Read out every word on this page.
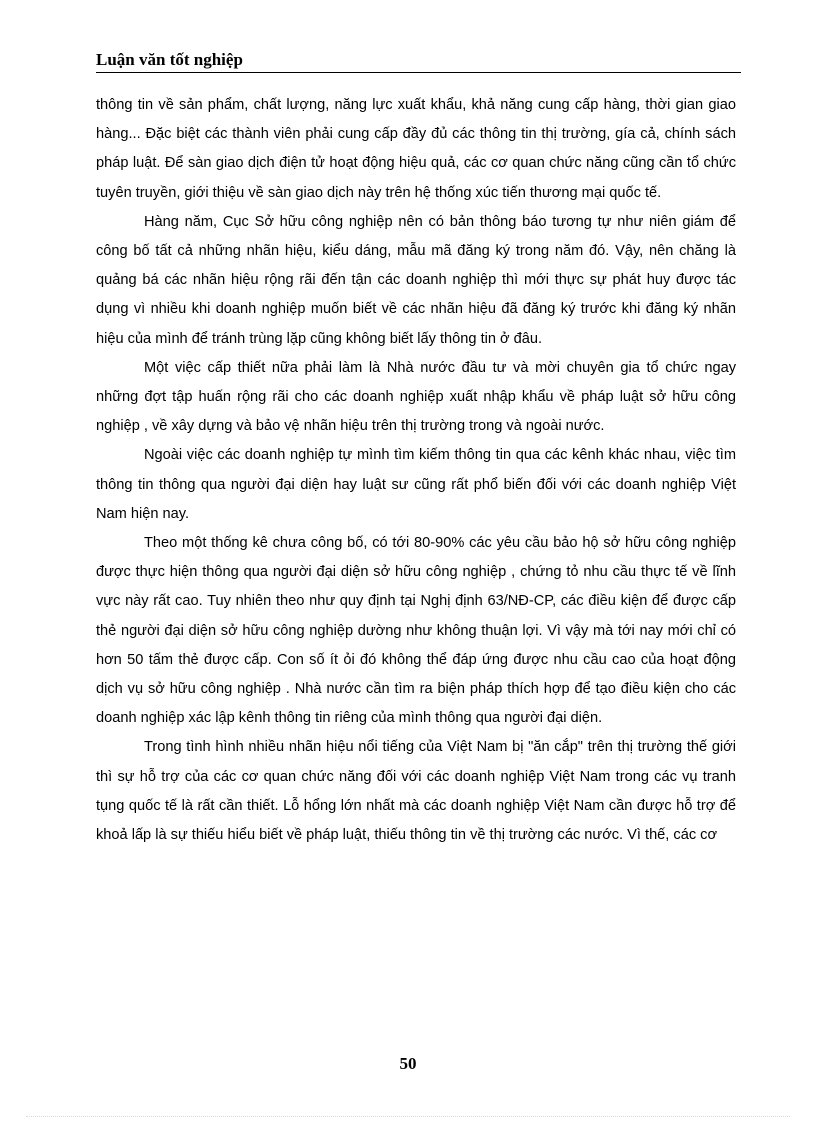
Luận văn tốt nghiệp

thông tin về sản phẩm, chất lượng, năng lực xuất khẩu, khả năng cung cấp hàng, thời gian giao hàng... Đặc biệt các thành viên phải cung cấp đầy đủ các thông tin thị trường, gía cả, chính sách pháp luật. Để sàn giao dịch điện tử hoạt động hiệu quả, các cơ quan chức năng cũng cần tổ chức tuyên truyền, giới thiệu về sàn giao dịch này trên hệ thống xúc tiến thương mại quốc tế.

Hàng năm, Cục Sở hữu công nghiệp nên có bản thông báo tương tự như niên giám để công bố tất cả những nhãn hiệu, kiểu dáng, mẫu mã đăng ký trong năm đó. Vậy, nên chăng là quảng bá các nhãn hiệu rộng rãi đến tận các doanh nghiệp thì mới thực sự phát huy được tác dụng vì nhiều khi doanh nghiệp muốn biết về các nhãn hiệu đã đăng ký trước khi đăng ký nhãn hiệu của mình để tránh trùng lặp cũng không biết lấy thông tin ở đâu.

Một việc cấp thiết nữa phải làm là Nhà nước đầu tư và mời chuyên gia tổ chức ngay những đợt tập huấn rộng rãi cho các doanh nghiệp xuất nhập khẩu về pháp luật sở hữu công nghiệp , về xây dựng và bảo vệ nhãn hiệu trên thị trường trong và ngoài nước.

Ngoài việc các doanh nghiệp tự mình tìm kiếm thông tin qua các kênh khác nhau, việc tìm thông tin thông qua người đại diện hay luật sư cũng rất phổ biến đối với các doanh nghiệp Việt Nam hiện nay.

Theo một thống kê chưa công bố, có tới 80-90% các yêu cầu bảo hộ sở hữu công nghiệp được thực hiện thông qua người đại diện sở hữu công nghiệp , chứng tỏ nhu cầu thực tế về lĩnh vực này rất cao. Tuy nhiên theo như quy định tại Nghị định 63/NĐ-CP, các điều kiện để được cấp thẻ người đại diện sở hữu công nghiệp dường như không thuận lợi. Vì vậy mà tới nay mới chỉ có hơn 50 tấm thẻ được cấp. Con số ít ỏi đó không thể đáp ứng được nhu cầu cao của hoạt động dịch vụ sở hữu công nghiệp . Nhà nước cần tìm ra biện pháp thích hợp để tạo điều kiện cho các doanh nghiệp xác lập kênh thông tin riêng của mình thông qua người đại diện.

Trong tình hình nhiều nhãn hiệu nổi tiếng của Việt Nam bị "ăn cắp" trên thị trường thế giới thì sự hỗ trợ của các cơ quan chức năng đối với các doanh nghiệp Việt Nam trong các vụ tranh tụng quốc tế là rất cần thiết. Lỗ hổng lớn nhất mà các doanh nghiệp Việt Nam cần được hỗ trợ để khoả lấp là sự thiếu hiểu biết về pháp luật, thiếu thông tin về thị trường các nước. Vì thế, các cơ

50
